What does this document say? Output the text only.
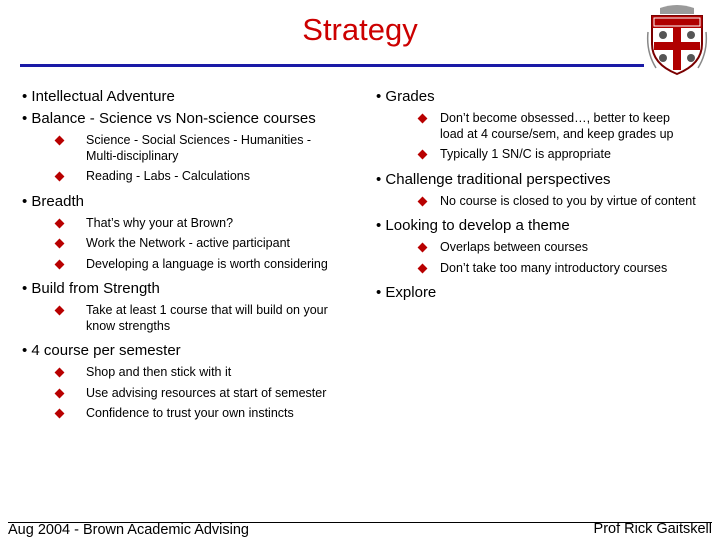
Strategy
• Intellectual Adventure
• Balance - Science vs Non-science courses
Science - Social Sciences - Humanities - Multi-disciplinary
Reading - Labs - Calculations
• Breadth
That’s why your at Brown?
Work the Network - active participant
Developing a language is worth considering
• Build from Strength
Take at least 1 course that will build on your know strengths
• 4 course per semester
Shop and then stick with it
Use advising resources at start of semester
Confidence to trust your own instincts
• Grades
Don’t become obsessed…, better to keep load at 4 course/sem, and keep grades up
Typically 1 SN/C is appropriate
• Challenge traditional perspectives
No course is closed to you by virtue of content
• Looking to develop a theme
Overlaps between courses
Don’t take too many introductory courses
• Explore
Aug 2004 - Brown Academic Advising	Prof Rick Gaitskell
